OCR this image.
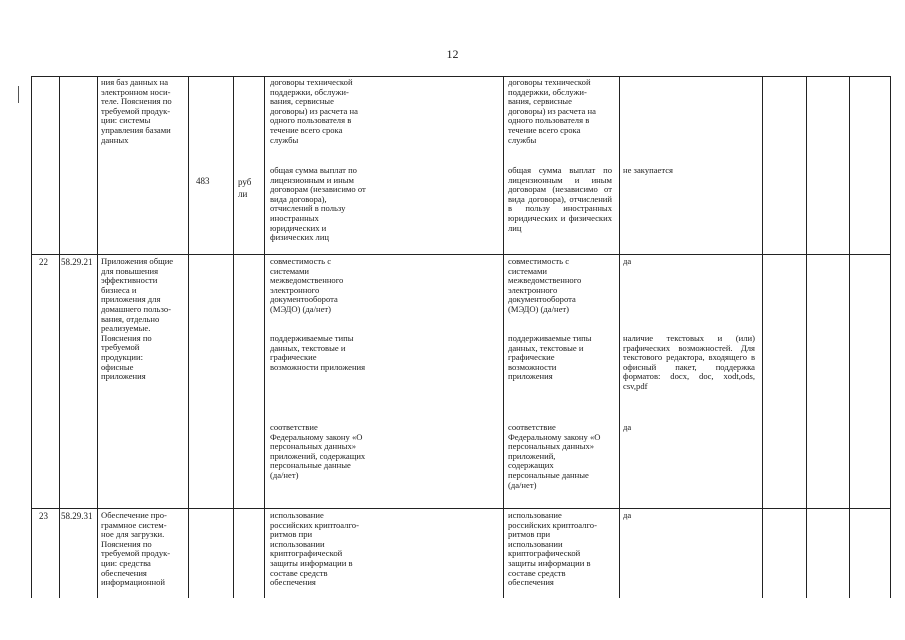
12
ния баз данных на
электронном носи-
теле. Пояснения по
требуемой продук-
ции: системы
управления базами
данных
483	руб
ли
договоры технической
поддержки, обслужи-
вания, сервисные
договоры) из расчета на
одного пользователя в
течение всего срока
службы
общая сумма выплат по
лицензионным и иным
договорам (независимо от
вида договора),
отчислений в пользу
иностранных
юридических и
физических лиц
договоры технической
поддержки, обслужи-
вания, сервисные
договоры) из расчета на
одного пользователя в
течение всего срока
службы
общая сумма выплат по лицензионным и иным договорам (независимо от вида договора), отчислений в пользу иностранных юридических и физических лиц
не закупается
22 58.29.21 Приложения общие
для повышения
эффективности
бизнеса и
приложения для
домашнего пользо-
вания, отдельно
реализуемые.
Пояснения по
требуемой
продукции:
офисные
приложения
совместимость с
системами
межведомственного
электронного
документооборота
(МЭДО) (да/нет)
поддерживаемые типы
данных, текстовые и
графические
возможности приложения
соответствие
Федеральному закону «О
персональных данных»
приложений, содержащих
персональные данные
(да/нет)
совместимость с
системами
межведомственного
электронного
документооборота
(МЭДО) (да/нет)
поддерживаемые типы
данных, текстовые и
графические
возможности
приложения
соответствие
Федеральному закону «О
персональных данных»
приложений,
содержащих
персональные данные
(да/нет)
да
наличие текстовых и (или) графических возможностей. Для текстового редактора, входящего в офисный пакет, поддержка форматов: docx, doc, xodt,ods, csv,pdf
да
23 58.29.31 Обеспечение про-
граммное систем-
ное для загрузки.
Пояснения по
требуемой продук-
ции: средства
обеспечения
информационной
использование
российских криптоалго-
ритмов при
использовании
криптографической
защиты информации в
составе средств
обеспечения
использование
российских криптоалго-
ритмов при
использовании
криптографической
защиты информации в
составе средств
обеспечения
да
